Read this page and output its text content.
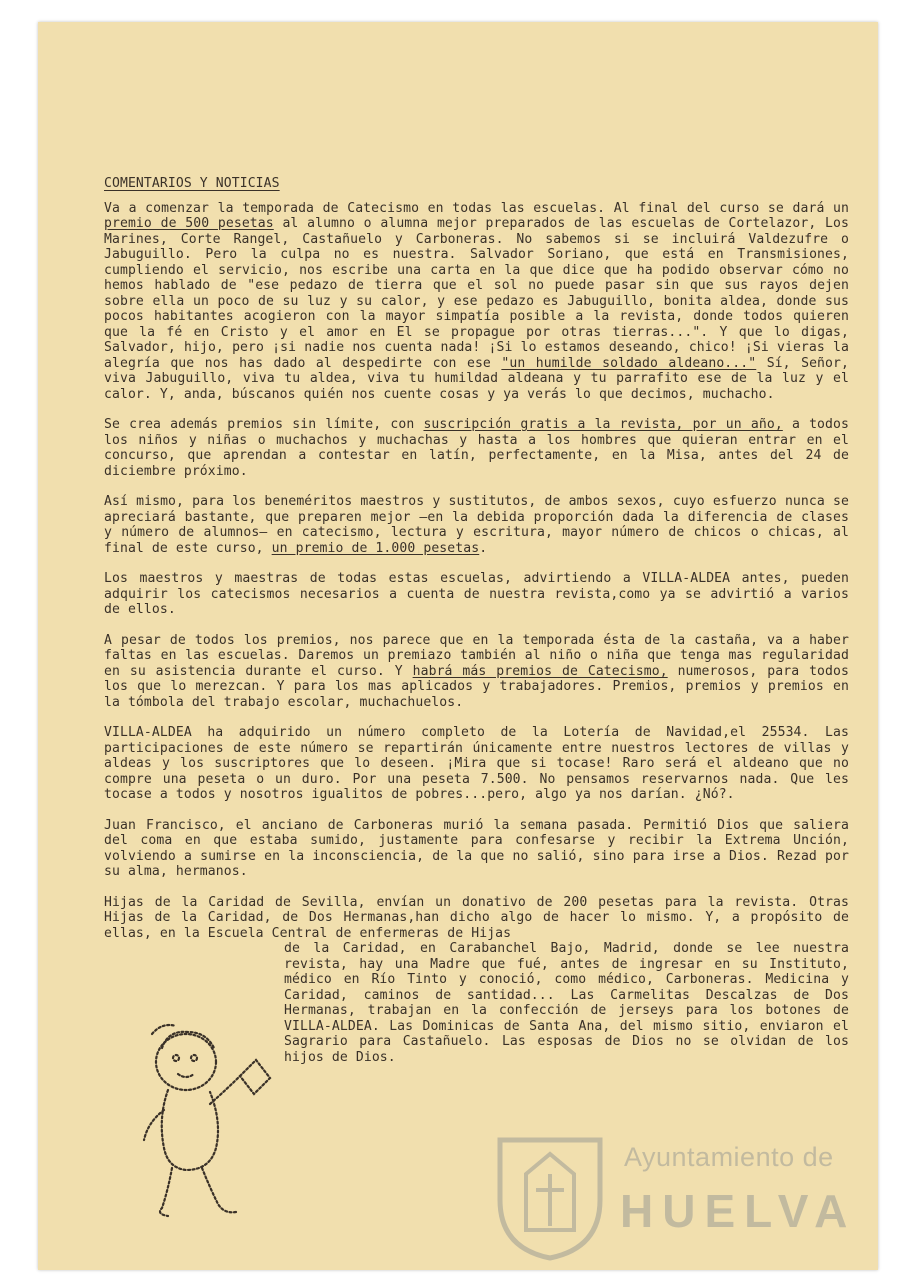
COMENTARIOS Y NOTICIAS

Va a comenzar la temporada de Catecismo en todas las escuelas. Al final del curso se dará un premio de 500 pesetas al alumno o alumna mejor preparados de las escuelas de Cortelazor, Los Marines, Corte Rangel, Castañuelo y Carboneras. No sabemos si se incluirá Valdezufre o Jabuguillo. Pero la culpa no es nuestra. Salvador Soriano, que está en Transmisiones, cumpliendo el servicio, nos escribe una carta en la que dice que ha podido observar cómo no hemos hablado de "ese pedazo de tierra que el sol no puede pasar sin que sus rayos dejen sobre ella un poco de su luz y su calor, y ese pedazo es Jabuguillo, bonita aldea, donde sus pocos habitantes acogieron con la mayor simpatía posible a la revista, donde todos quieren que la fé en Cristo y el amor en El se propague por otras tierras...". Y que lo digas, Salvador, hijo, pero ¡si nadie nos cuenta nada! ¡Si lo estamos deseando, chico! ¡Si vieras la alegría que nos has dado al despedirte con ese "un humilde soldado aldeano..." Sí, Señor, viva Jabuguillo, viva tu aldea, viva tu humildad aldeana y tu parrafito ese de la luz y el calor. Y, anda, búscanos quién nos cuente cosas y ya verás lo que decimos, muchacho.

Se crea además premios sin límite, con suscripción gratis a la revista, por un año, a todos los niños y niñas o muchachos y muchachas y hasta a los hombres que quieran entrar en el concurso, que aprendan a contestar en latín, perfectamente, en la Misa, antes del 24 de diciembre próximo.

Así mismo, para los beneméritos maestros y sustitutos, de ambos sexos, cuyo esfuerzo nunca se apreciará bastante, que preparen mejor —en la debida proporción dada la diferencia de clases y número de alumnos— en catecismo, lectura y escritura, mayor número de chicos o chicas, al final de este curso, un premio de 1.000 pesetas.

Los maestros y maestras de todas estas escuelas, advirtiendo a VILLA-ALDEA antes, pueden adquirir los catecismos necesarios a cuenta de nuestra revista,como ya se advirtió a varios de ellos.

A pesar de todos los premios, nos parece que en la temporada ésta de la castaña, va a haber faltas en las escuelas. Daremos un premiazo también al niño o niña que tenga mas regularidad en su asistencia durante el curso. Y habrá más premios de Catecismo, numerosos, para todos los que lo merezcan. Y para los mas aplicados y trabajadores. Premios, premios y premios en la tómbola del trabajo escolar, muchachuelos.

VILLA-ALDEA ha adquirido un número completo de la Lotería de Navidad,el 25534. Las participaciones de este número se repartirán únicamente entre nuestros lectores de villas y aldeas y los suscriptores que lo deseen. ¡Mira que si tocase! Raro será el aldeano que no compre una peseta o un duro. Por una peseta 7.500. No pensamos reservarnos nada. Que les tocase a todos y nosotros igualitos de pobres...pero, algo ya nos darían. ¿Nó?.

Juan Francisco, el anciano de Carboneras murió la semana pasada. Permitió Dios que saliera del coma en que estaba sumido, justamente para confesarse y recibir la Extrema Unción, volviendo a sumirse en la inconsciencia, de la que no salió, sino para irse a Dios. Rezad por su alma, hermanos.

Hijas de la Caridad de Sevilla, envían un donativo de 200 pesetas para la revista. Otras Hijas de la Caridad, de Dos Hermanas,han dicho algo de hacer lo mismo. Y, a propósito de ellas, en la Escuela Central de enfermeras de Hijas

de la Caridad, en Carabanchel Bajo, Madrid, donde se lee nuestra revista, hay una Madre que fué, antes de ingresar en su Instituto, médico en Río Tinto y conoció, como médico, Carboneras. Medicina y Caridad, caminos de santidad... Las Carmelitas Descalzas de Dos Hermanas, trabajan en la confección de jerseys para los botones de VILLA-ALDEA. Las Dominicas de Santa Ana, del mismo sitio, enviaron el Sagrario para Castañuelo. Las esposas de Dios no se olvidan de los hijos de Dios.

Ayuntamiento de
HUELVA
